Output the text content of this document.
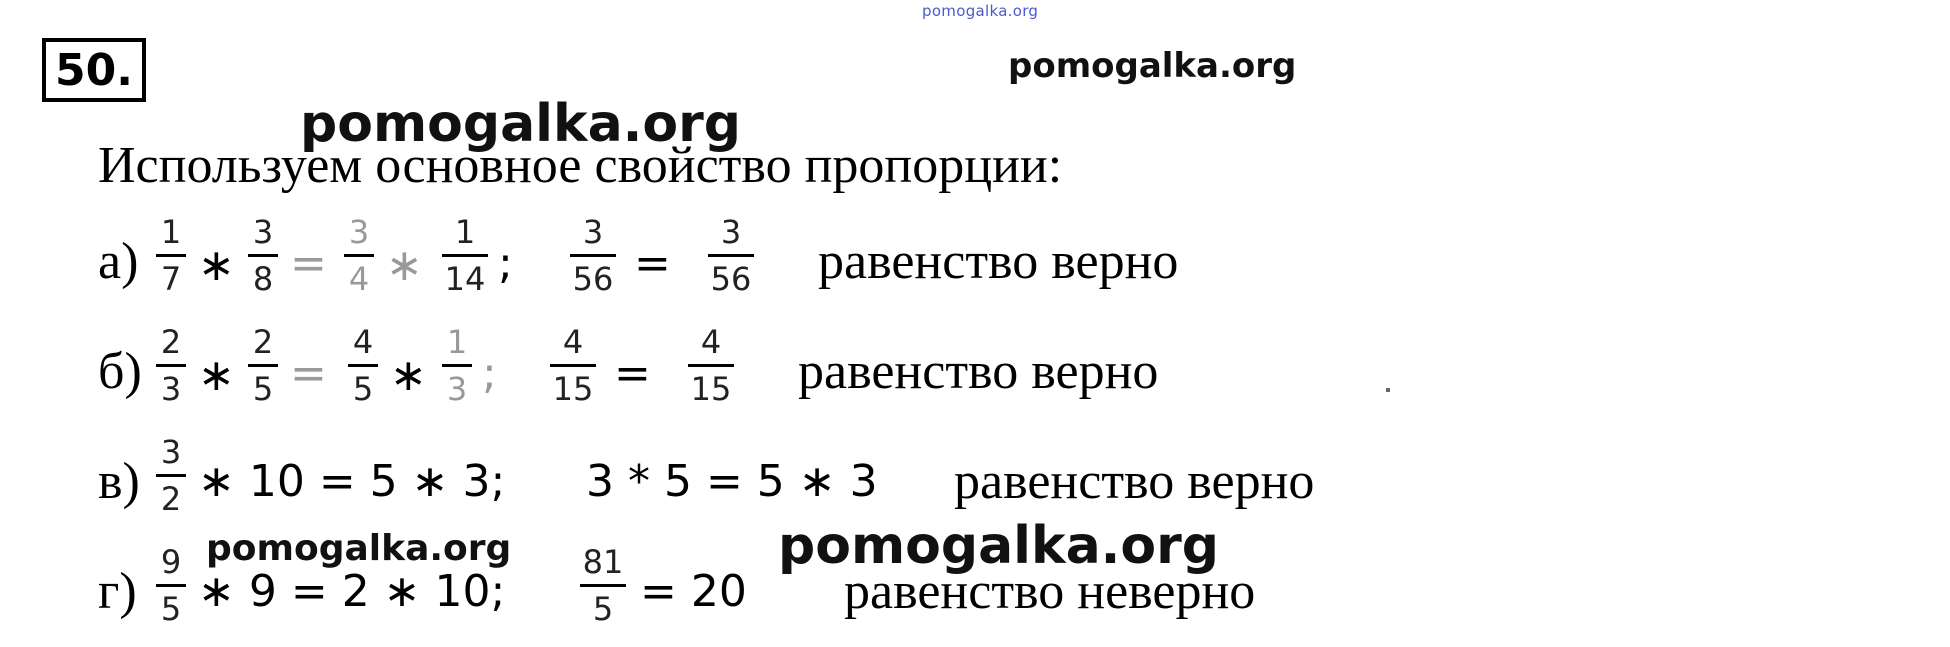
pomogalka.org
pomogalka.org
pomogalka.org
50.
Используем основное свойство пропорции:
а)
1
7 ∗
3
8 =
3
4 ∗
1
14 ;
3
56 =
3
56 равенство верно
б)
2
3 ∗
2
5 =
4
5 ∗
1
3 ;
4
15 =
4
15 равенство верно
в)
3
2 ∗ 10 = 5 ∗ 3; 3 * 5 = 5 ∗ 3 равенство верно
pomogalka.org	pomogalka.org
г)
9
5 ∗ 9 = 2 ∗ 10;
81
5 = 20 равенство неверно
